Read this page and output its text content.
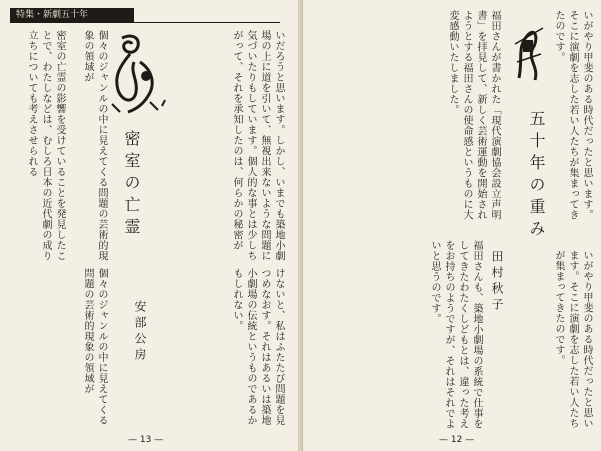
特集・新劇五十年
いだろうと思います。しかし、いまでも築地小劇場の上に道を引いて、無視出来ないような問題に気づいたりもしています。個人的な事とは少しちがって、それを承知したのは、何らかの秘密が
密室の亡霊
個々のジャンルの中に見えてくる問題の芸術的現象の領域が
密室の亡霊の影響を受けていることを発見したことで、わたしなどは、むしろ日本の近代劇の成り立ちについても考えさせられる
けないと、私はふたたび問題を見つめなおす。それはあるいは築地小劇場の伝統というものであるかもしれない。
安部公房
個々のジャンルの中に見えてくる問題の芸術的現象の領域が
— 13 —
いがやり甲斐のある時代だったと思います。そこに演劇を志した若い人たちが集まってきたのです。
福田さんが書かれた「現代演劇協会設立声明書」を拝見して、新しく芸術運動を開始されようとする福田さんの使命感というものに大変感動いたしました。
五十年の重み
田村秋子
福田さんも、築地小劇場の系統で仕事をしてきたわたくしどもとは、違った考えをお持ちのようですが、それはそれでよいと思うのです。	いがやり甲斐のある時代だったと思います。そこに演劇を志した若い人たちが集まってきたのです。
— 12 —
